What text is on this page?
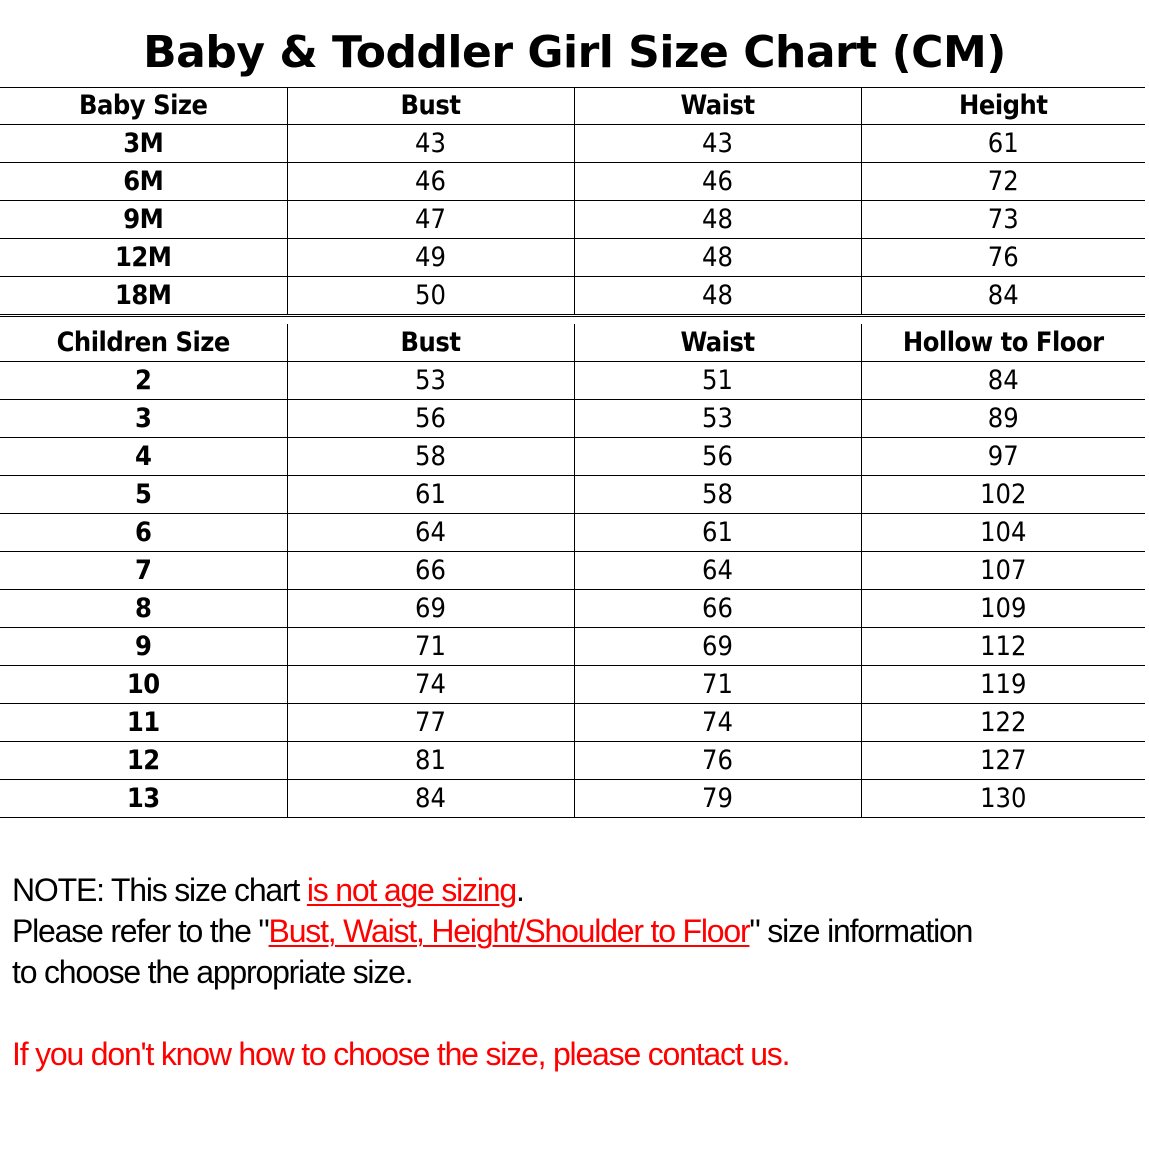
Baby & Toddler Girl Size Chart (CM)
Baby Size	Bust	Waist	Height
3M	43	43	61
6M	46	46	72
9M	47	48	73
12M	49	48	76
18M	50	48	84
Children Size	Bust	Waist	Hollow to Floor
2	53	51	84
3	56	53	89
4	58	56	97
5	61	58	102
6	64	61	104
7	66	64	107
8	69	66	109
9	71	69	112
10	74	71	119
11	77	74	122
12	81	76	127
13	84	79	130
NOTE: This size chart is not age sizing.
Please refer to the "Bust, Waist, Height/Shoulder to Floor" size information
to choose the appropriate size.
If you don't know how to choose the size, please contact us.
